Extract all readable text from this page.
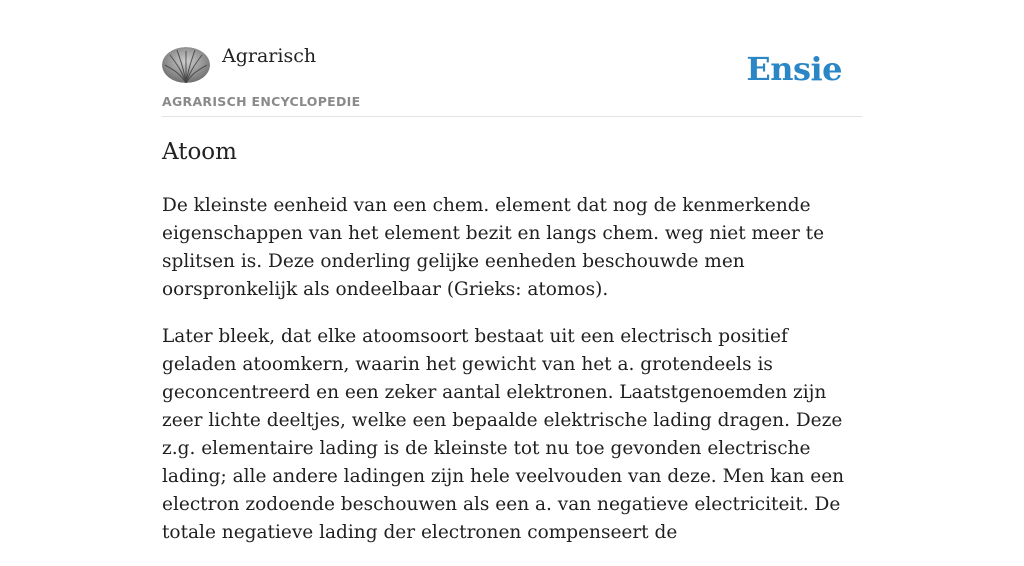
Agrarisch
AGRARISCH ENCYCLOPEDIE
Ensie
Atoom

De kleinste eenheid van een chem. element dat nog de kenmerkende eigenschappen van het element bezit en langs chem. weg niet meer te splitsen is. Deze onderling gelijke eenheden beschouwde men oorspronkelijk als ondeelbaar (Grieks: atomos).

Later bleek, dat elke atoomsoort bestaat uit een electrisch positief geladen atoomkern, waarin het gewicht van het a. grotendeels is geconcentreerd en een zeker aantal elektronen. Laatstgenoemden zijn zeer lichte deeltjes, welke een bepaalde elektrische lading dragen. Deze z.g. elementaire lading is de kleinste tot nu toe gevonden electrische lading; alle andere ladingen zijn hele veelvouden van deze. Men kan een electron zodoende beschouwen als een a. van negatieve electriciteit. De totale negatieve lading der electronen compenseert de
